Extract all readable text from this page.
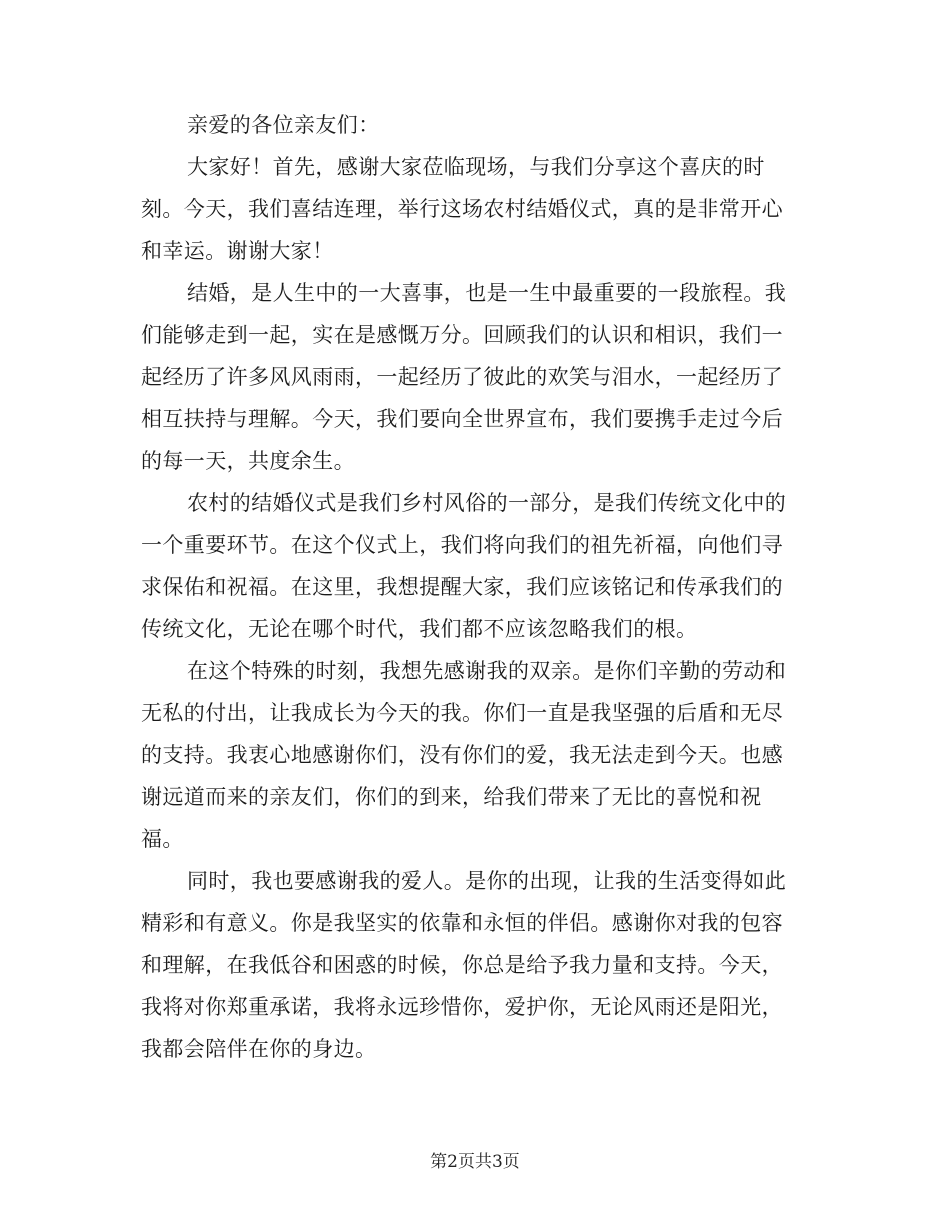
亲爱的各位亲友们：
大家好！首先，感谢大家莅临现场，与我们分享这个喜庆的时
刻。今天，我们喜结连理，举行这场农村结婚仪式，真的是非常开心
和幸运。谢谢大家！
结婚，是人生中的一大喜事，也是一生中最重要的一段旅程。我
们能够走到一起，实在是感慨万分。回顾我们的认识和相识，我们一
起经历了许多风风雨雨，一起经历了彼此的欢笑与泪水，一起经历了
相互扶持与理解。今天，我们要向全世界宣布，我们要携手走过今后
的每一天，共度余生。
农村的结婚仪式是我们乡村风俗的一部分，是我们传统文化中的
一个重要环节。在这个仪式上，我们将向我们的祖先祈福，向他们寻
求保佑和祝福。在这里，我想提醒大家，我们应该铭记和传承我们的
传统文化，无论在哪个时代，我们都不应该忽略我们的根。
在这个特殊的时刻，我想先感谢我的双亲。是你们辛勤的劳动和
无私的付出，让我成长为今天的我。你们一直是我坚强的后盾和无尽
的支持。我衷心地感谢你们，没有你们的爱，我无法走到今天。也感
谢远道而来的亲友们，你们的到来，给我们带来了无比的喜悦和祝
福。
同时，我也要感谢我的爱人。是你的出现，让我的生活变得如此
精彩和有意义。你是我坚实的依靠和永恒的伴侣。感谢你对我的包容
和理解，在我低谷和困惑的时候，你总是给予我力量和支持。今天，
我将对你郑重承诺，我将永远珍惜你，爱护你，无论风雨还是阳光，
我都会陪伴在你的身边。
第2页共3页
